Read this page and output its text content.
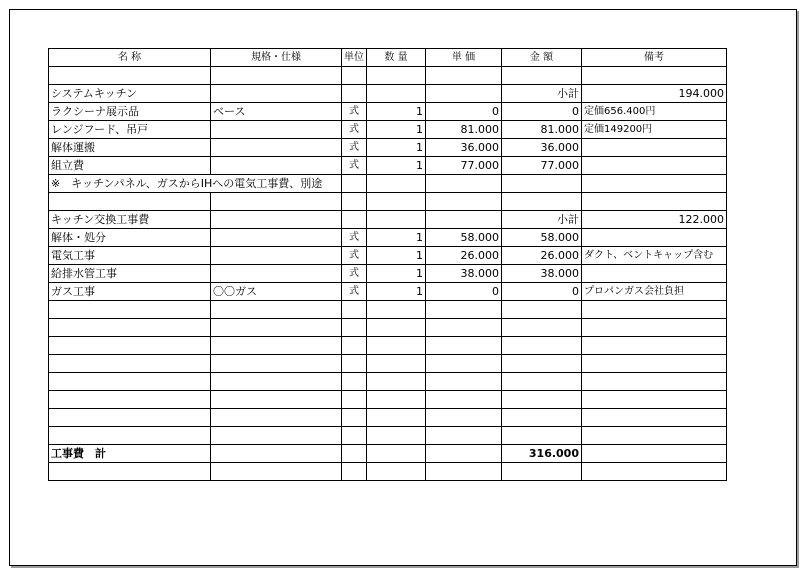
名 称	規格・仕様	単位	数 量	単 価	金 額	備考

システムキッチン					小計	194.000
ラクシーナ展示品	ベース	式	1	0	0	定価656.400円
レンジフード、吊戸		式	1	81.000	81.000	定価149200円
解体運搬		式	1	36.000	36.000	
組立費		式	1	77.000	77.000	
※　キッチンパネル、ガスからIHへの電気工事費、別途						

キッチン交換工事費					小計	122.000
解体・処分		式	1	58.000	58.000	
電気工事		式	1	26.000	26.000	ダクト、ベントキャップ含む
給排水管工事		式	1	38.000	38.000	
ガス工事	〇〇ガス	式	1	0	0	プロパンガス会社負担

工事費　計					316.000	
